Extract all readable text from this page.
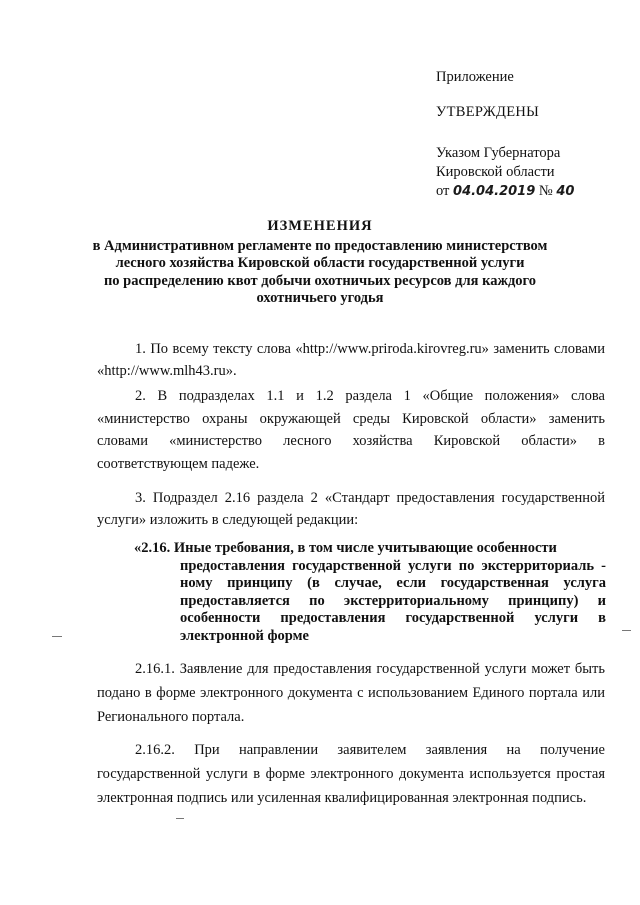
Приложение

УТВЕРЖДЕНЫ

Указом Губернатора

Кировской области

от 04.04.2019 № 40

ИЗМЕНЕНИЯ

в Административном регламенте по предоставлению министерством

лесного хозяйства Кировской области государственной услуги

по распределению квот добычи охотничьих ресурсов для каждого

охотничьего угодья

1. По всему тексту слова «http://www.priroda.kirovreg.ru» заменить словами «http://www.mlh43.ru».

2. В подразделах 1.1 и 1.2 раздела 1 «Общие положения» слова «министерство охраны окружающей среды Кировской области» заменить словами «министерство лесного хозяйства Кировской области» в соответствующем падеже.

3. Подраздел 2.16 раздела 2 «Стандарт предоставления государственной услуги» изложить в следующей редакции:

«2.16. Иные требования, в том числе учитывающие особенности

предоставления государственной услуги по экстерриториаль - ному принципу (в случае, если государственная услуга предоставляется по экстерриториальному принципу) и особенности предоставления государственной услуги в электронной форме

2.16.1. Заявление для предоставления государственной услуги может быть подано в форме электронного документа с использованием Единого портала или Регионального портала.

2.16.2. При направлении заявителем заявления на получение государственной услуги в форме электронного документа используется простая электронная подпись или усиленная квалифицированная электронная подпись.
